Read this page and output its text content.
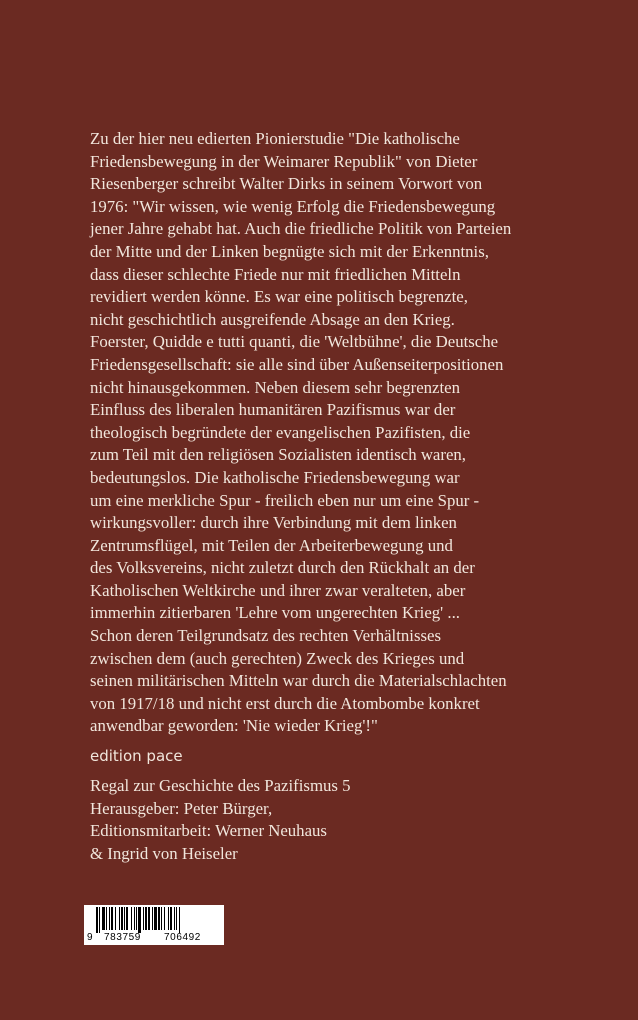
Zu der hier neu edierten Pionierstudie "Die katholische
Friedensbewegung in der Weimarer Republik" von Dieter
Riesenberger schreibt Walter Dirks in seinem Vorwort von
1976: "Wir wissen, wie wenig Erfolg die Friedensbewegung
jener Jahre gehabt hat. Auch die friedliche Politik von Parteien
der Mitte und der Linken begnügte sich mit der Erkenntnis,
dass dieser schlechte Friede nur mit friedlichen Mitteln
revidiert werden könne. Es war eine politisch begrenzte,
nicht geschichtlich ausgreifende Absage an den Krieg.
Foerster, Quidde e tutti quanti, die 'Weltbühne', die Deutsche
Friedensgesellschaft: sie alle sind über Außenseiterpositionen
nicht hinausgekommen. Neben diesem sehr begrenzten
Einfluss des liberalen humanitären Pazifismus war der
theologisch begründete der evangelischen Pazifisten, die
zum Teil mit den religiösen Sozialisten identisch waren,
bedeutungslos. Die katholische Friedensbewegung war
um eine merkliche Spur - freilich eben nur um eine Spur -
wirkungsvoller: durch ihre Verbindung mit dem linken
Zentrumsflügel, mit Teilen der Arbeiterbewegung und
des Volksvereins, nicht zuletzt durch den Rückhalt an der
Katholischen Weltkirche und ihrer zwar veralteten, aber
immerhin zitierbaren 'Lehre vom ungerechten Krieg' ...
Schon deren Teilgrundsatz des rechten Verhältnisses
zwischen dem (auch gerechten) Zweck des Krieges und
seinen militärischen Mitteln war durch die Materialschlachten
von 1917/18 und nicht erst durch die Atombombe konkret
anwendbar geworden: 'Nie wieder Krieg'!"
edition pace
Regal zur Geschichte des Pazifismus 5
Herausgeber: Peter Bürger,
Editionsmitarbeit: Werner Neuhaus
& Ingrid von Heiseler
9 783759 706492
